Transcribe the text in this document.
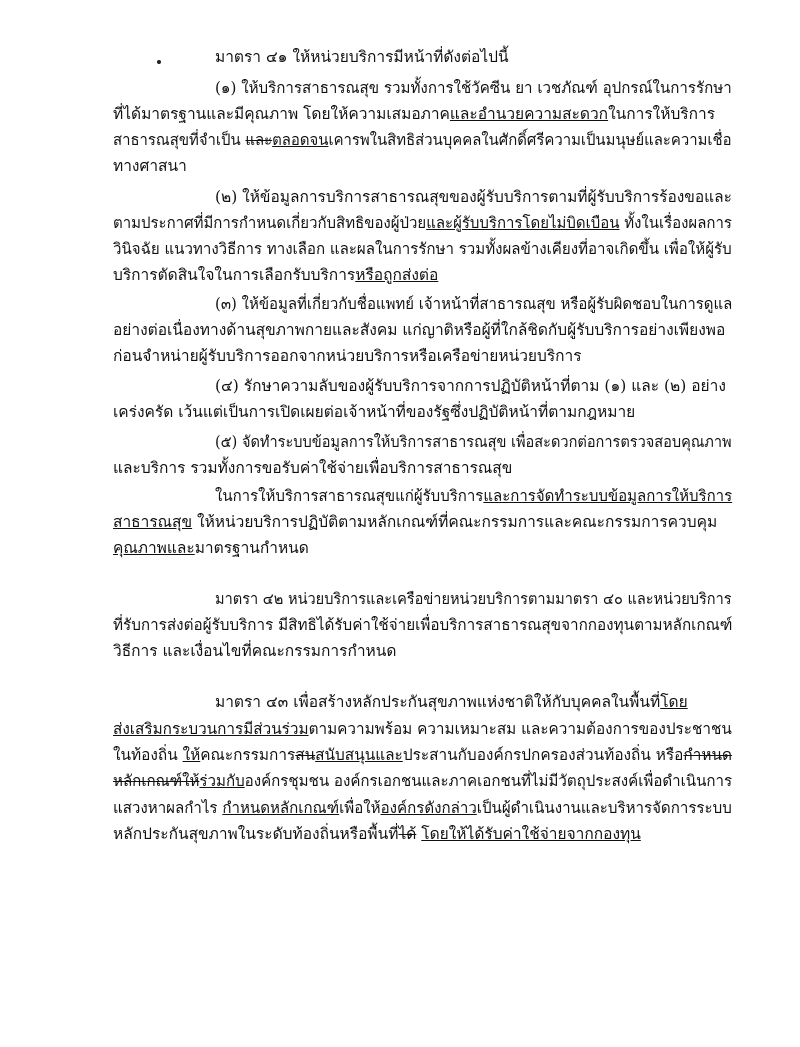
มาตรา ๔๑ ให้หน่วยบริการมีหน้าที่ดังต่อไปนี้
(๑) ให้บริการสาธารณสุข รวมทั้งการใช้วัคซีน ยา เวชภัณฑ์ อุปกรณ์ในการรักษา
ที่ได้มาตรฐานและมีคุณภาพ โดยให้ความเสมอภาคและอำนวยความสะดวกในการให้บริการ
สาธารณสุขที่จำเป็น และตลอดจนเคารพในสิทธิส่วนบุคคลในศักดิ์ศรีความเป็นมนุษย์และความเชื่อ
ทางศาสนา
(๒) ให้ข้อมูลการบริการสาธารณสุขของผู้รับบริการตามที่ผู้รับบริการร้องขอและ
ตามประกาศที่มีการกำหนดเกี่ยวกับสิทธิของผู้ป่วยและผู้รับบริการโดยไม่บิดเบือน ทั้งในเรื่องผลการ
วินิจฉัย แนวทางวิธีการ ทางเลือก และผลในการรักษา รวมทั้งผลข้างเคียงที่อาจเกิดขึ้น เพื่อให้ผู้รับ
บริการตัดสินใจในการเลือกรับบริการหรือถูกส่งต่อ
(๓) ให้ข้อมูลที่เกี่ยวกับชื่อแพทย์ เจ้าหน้าที่สาธารณสุข หรือผู้รับผิดชอบในการดูแล
อย่างต่อเนื่องทางด้านสุขภาพกายและสังคม แก่ญาติหรือผู้ที่ใกล้ชิดกับผู้รับบริการอย่างเพียงพอ
ก่อนจำหน่ายผู้รับบริการออกจากหน่วยบริการหรือเครือข่ายหน่วยบริการ
(๔) รักษาความลับของผู้รับบริการจากการปฏิบัติหน้าที่ตาม (๑) และ (๒) อย่าง
เคร่งครัด เว้นแต่เป็นการเปิดเผยต่อเจ้าหน้าที่ของรัฐซึ่งปฏิบัติหน้าที่ตามกฎหมาย
(๕) จัดทำระบบข้อมูลการให้บริการสาธารณสุข เพื่อสะดวกต่อการตรวจสอบคุณภาพ
และบริการ รวมทั้งการขอรับค่าใช้จ่ายเพื่อบริการสาธารณสุข
ในการให้บริการสาธารณสุขแก่ผู้รับบริการและการจัดทำระบบข้อมูลการให้บริการ
สาธารณสุข ให้หน่วยบริการปฏิบัติตามหลักเกณฑ์ที่คณะกรรมการและคณะกรรมการควบคุม
คุณภาพและมาตรฐานกำหนด
มาตรา ๔๒ หน่วยบริการและเครือข่ายหน่วยบริการตามมาตรา ๔๐ และหน่วยบริการ
ที่รับการส่งต่อผู้รับบริการ มีสิทธิได้รับค่าใช้จ่ายเพื่อบริการสาธารณสุขจากกองทุนตามหลักเกณฑ์
วิธีการ และเงื่อนไขที่คณะกรรมการกำหนด
มาตรา ๔๓ เพื่อสร้างหลักประกันสุขภาพแห่งชาติให้กับบุคคลในพื้นที่โดย
ส่งเสริมกระบวนการมีส่วนร่วมตามความพร้อม ความเหมาะสม และความต้องการของประชาชน
ในท้องถิ่น ให้คณะกรรมการสนสนับสนุนและประสานกับองค์กรปกครองส่วนท้องถิ่น หรือกำหนด
หลักเกณฑ์ให้ร่วมกับองค์กรชุมชน องค์กรเอกชนและภาคเอกชนที่ไม่มีวัตถุประสงค์เพื่อดำเนินการ
แสวงหาผลกำไร กำหนดหลักเกณฑ์เพื่อให้องค์กรดังกล่าวเป็นผู้ดำเนินงานและบริหารจัดการระบบ
หลักประกันสุขภาพในระดับท้องถิ่นหรือพื้นที่ได้ โดยให้ได้รับค่าใช้จ่ายจากกองทุน
